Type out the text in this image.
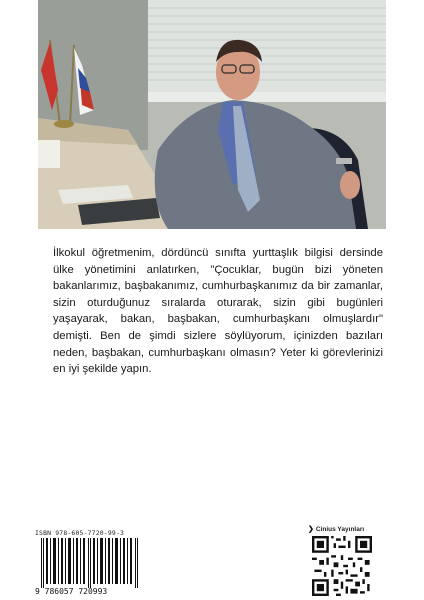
İlkokul öğretmenim, dördüncü sınıfta yurttaşlık bilgisi dersinde ülke yönetimini anlatırken, "Çocuklar, bugün bizi yöneten bakanlarımız, başbakanımız, cumhurbaşkanımız da bir zamanlar, sizin oturduğunuz sıralarda oturarak, sizin gibi bugünleri yaşayarak, bakan, başbakan, cumhurbaşkanı olmuşlardır" demişti. Ben de şimdi sizlere söylüyorum, içinizden bazıları neden, başbakan, cumhurbaşkanı olmasın? Yeter ki görevlerinizi en iyi şekilde yapın.

ISBN 978-605-7720-99-3
9 786057 720993
❯ Cinius Yayınları
